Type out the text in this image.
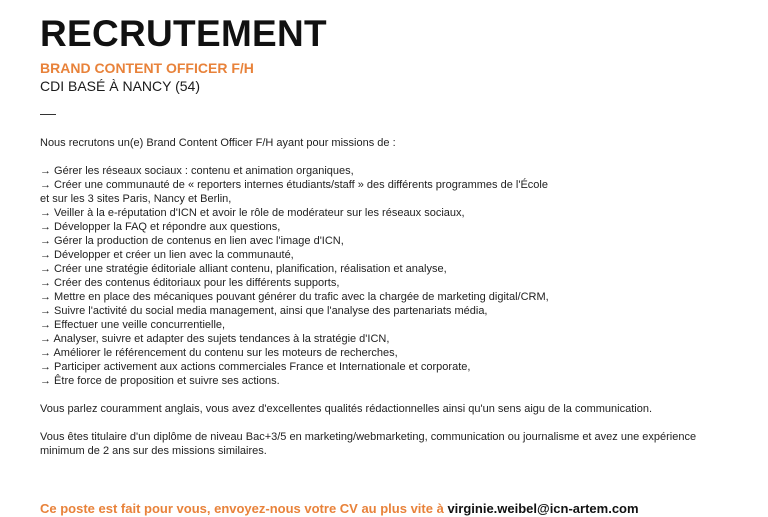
RECRUTEMENT
BRAND CONTENT OFFICER F/H
CDI BASÉ À NANCY (54)

Nous recrutons un(e) Brand Content Officer F/H ayant pour missions de :

→ Gérer les réseaux sociaux : contenu et animation organiques,
→ Créer une communauté de « reporters internes étudiants/staff » des différents programmes de l'École
et sur les 3 sites Paris, Nancy et Berlin,
→ Veiller à la e-réputation d'ICN et avoir le rôle de modérateur sur les réseaux sociaux,
→ Développer la FAQ et répondre aux questions,
→ Gérer la production de contenus en lien avec l'image d'ICN,
→ Développer et créer un lien avec la communauté,
→ Créer une stratégie éditoriale alliant contenu, planification, réalisation et analyse,
→ Créer des contenus éditoriaux pour les différents supports,
→ Mettre en place des mécaniques pouvant générer du trafic avec la chargée de marketing digital/CRM,
→ Suivre l'activité du social media management, ainsi que l'analyse des partenariats média,
→ Effectuer une veille concurrentielle,
→ Analyser, suivre et adapter des sujets tendances à la stratégie d'ICN,
→ Améliorer le référencement du contenu sur les moteurs de recherches,
→ Participer activement aux actions commerciales France et Internationale et corporate,
→ Être force de proposition et suivre ses actions.

Vous parlez couramment anglais, vous avez d'excellentes qualités rédactionnelles ainsi qu'un sens aigu de la communication.

Vous êtes titulaire d'un diplôme de niveau Bac+3/5 en marketing/webmarketing, communication ou journalisme et avez une expérience minimum de 2 ans sur des missions similaires.

Ce poste est fait pour vous, envoyez-nous votre CV au plus vite à virginie.weibel@icn-artem.com
